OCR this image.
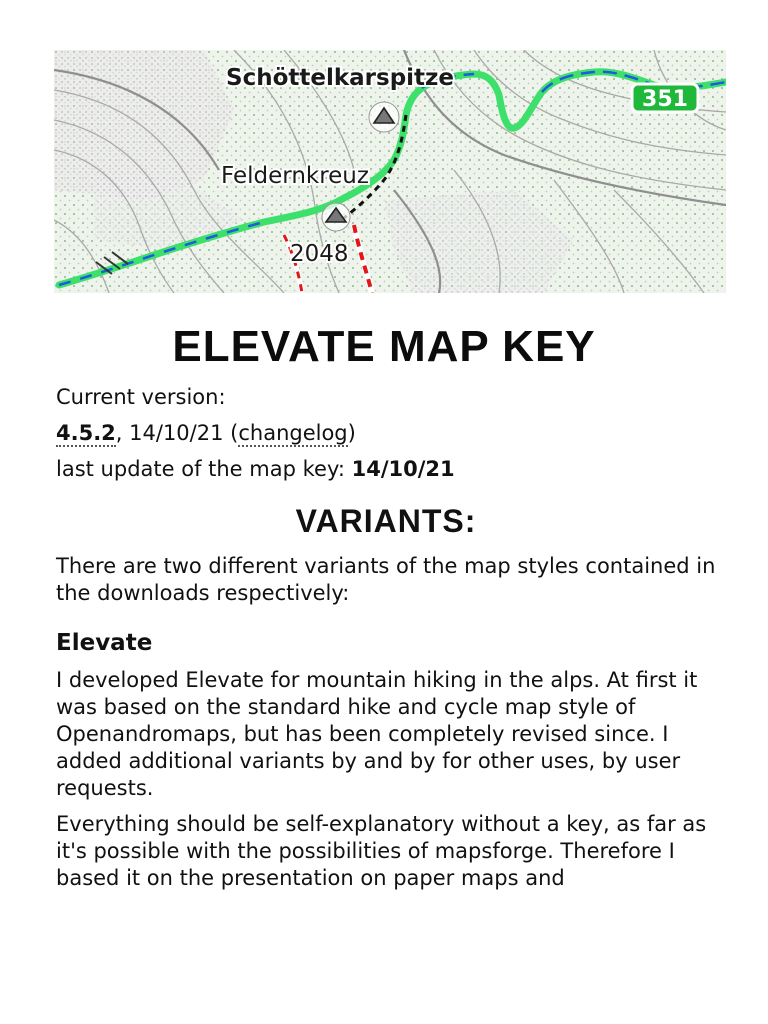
Schöttelkarspitze
Feldernkreuz
2048
351
ELEVATE MAP KEY

Current version:

4.5.2, 14/10/21 (changelog)

last update of the map key: 14/10/21

VARIANTS:

There are two different variants of the map styles contained in the downloads respectively:

Elevate

I developed Elevate for mountain hiking in the alps. At first it was based on the standard hike and cycle map style of Openandromaps, but has been completely revised since. I added additional variants by and by for other uses, by user requests.

Everything should be self-explanatory without a key, as far as it's possible with the possibilities of mapsforge. Therefore I based it on the presentation on paper maps and
